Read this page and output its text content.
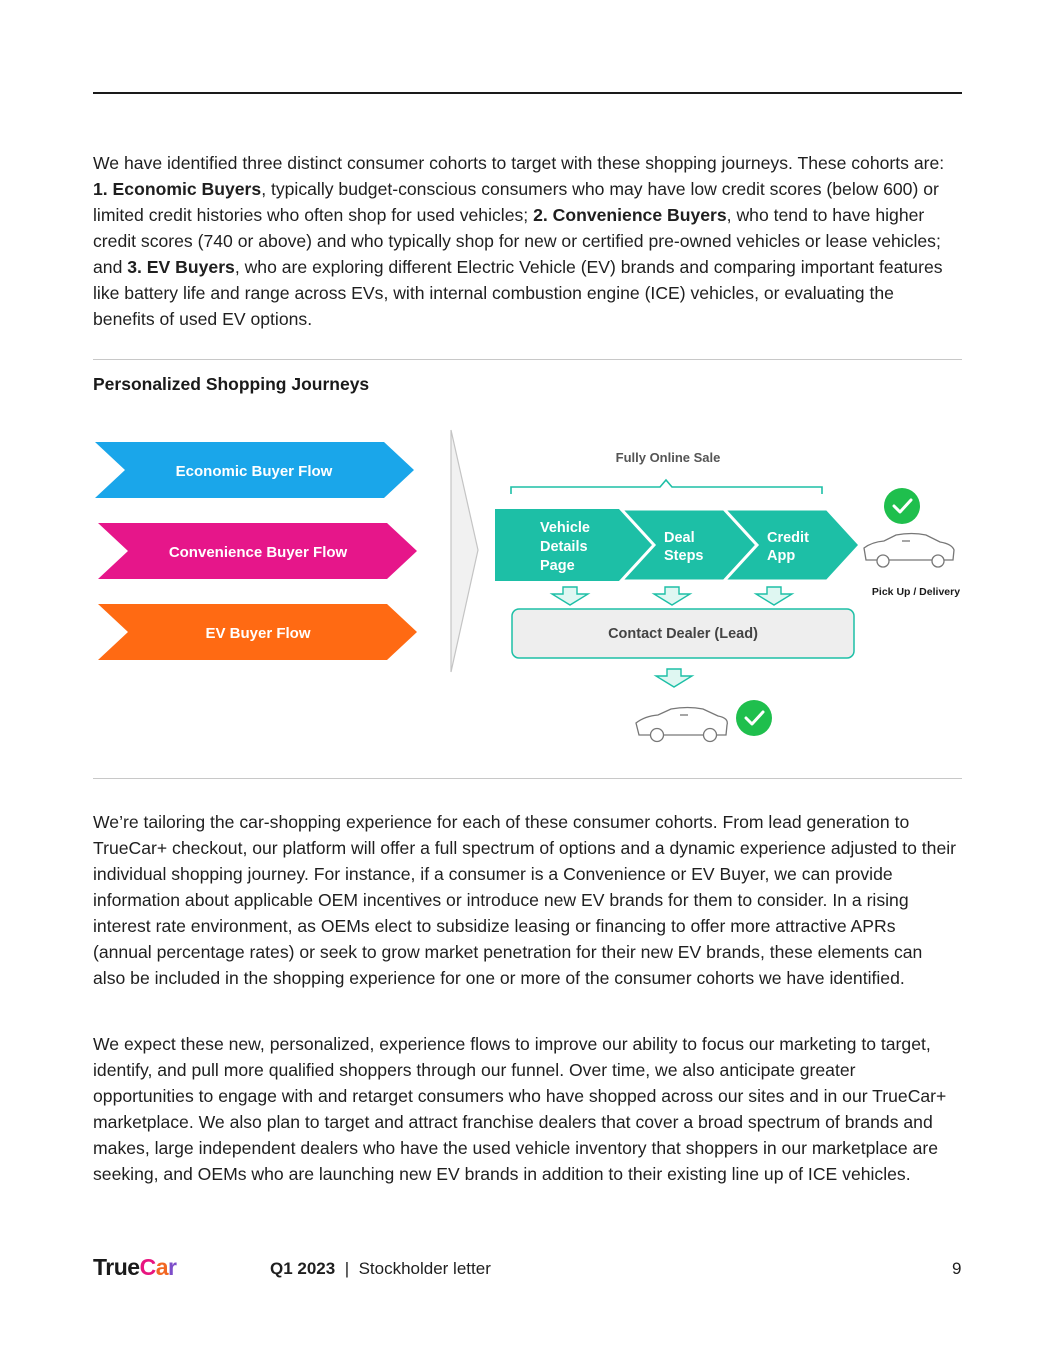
We have identified three distinct consumer cohorts to target with these shopping journeys. These cohorts are: 1. Economic Buyers, typically budget-conscious consumers who may have low credit scores (below 600) or limited credit histories who often shop for used vehicles; 2. Convenience Buyers, who tend to have higher credit scores (740 or above) and who typically shop for new or certified pre-owned vehicles or lease vehicles; and 3. EV Buyers, who are exploring different Electric Vehicle (EV) brands and comparing important features like battery life and range across EVs, with internal combustion engine (ICE) vehicles, or evaluating the benefits of used EV options.

Personalized Shopping Journeys
Economic Buyer Flow
Convenience Buyer Flow
EV Buyer Flow
Fully Online Sale
Vehicle Details Page
Deal Steps
Credit App
Contact Dealer (Lead)
Pick Up / Delivery

We’re tailoring the car-shopping experience for each of these consumer cohorts. From lead generation to TrueCar+ checkout, our platform will offer a full spectrum of options and a dynamic experience adjusted to their individual shopping journey. For instance, if a consumer is a Convenience or EV Buyer, we can provide information about applicable OEM incentives or introduce new EV brands for them to consider. In a rising interest rate environment, as OEMs elect to subsidize leasing or financing to offer more attractive APRs (annual percentage rates) or seek to grow market penetration for their new EV brands, these elements can also be included in the shopping experience for one or more of the consumer cohorts we have identified.

We expect these new, personalized, experience flows to improve our ability to focus our marketing to target, identify, and pull more qualified shoppers through our funnel. Over time, we also anticipate greater opportunities to engage with and retarget consumers who have shopped across our sites and in our TrueCar+ marketplace. We also plan to target and attract franchise dealers that cover a broad spectrum of brands and makes, large independent dealers who have the used vehicle inventory that shoppers in our marketplace are seeking, and OEMs who are launching new EV brands in addition to their existing line up of ICE vehicles.

TrueCar	Q1 2023 | Stockholder letter	9
